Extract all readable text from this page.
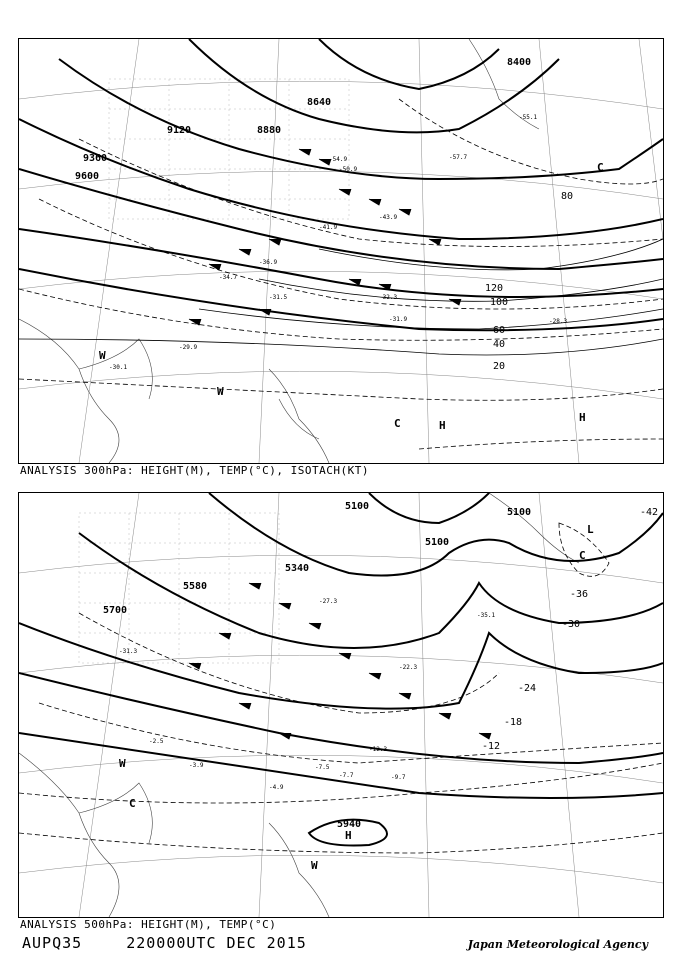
8400
8640
8880
9120
9360
9600
120
100
80
60
40
20
-43.9
-41.9
-36.9
-31.5	-32.3
-31.9	-28.3
-29.9
-30.1
-34.7
-50.9
-54.9	-57.7
-55.1
H
H
C
C
W
W
ANALYSIS 300hPa: HEIGHT(M), TEMP(°C), ISOTACH(KT)
5100
5100
5100
5340
5580
5700
5940
-42
-36
-30
-24
-18
-12
-27.3
-22.3
-12.3
-7.7	-9.7
-4.9
-3.9
-2.5
-7.5
-31.3
-35.1
H
L
C
C
W
W
ANALYSIS 500hPa: HEIGHT(M), TEMP(°C)
AUPQ35	220000UTC DEC 2015	Japan Meteorological Agency
